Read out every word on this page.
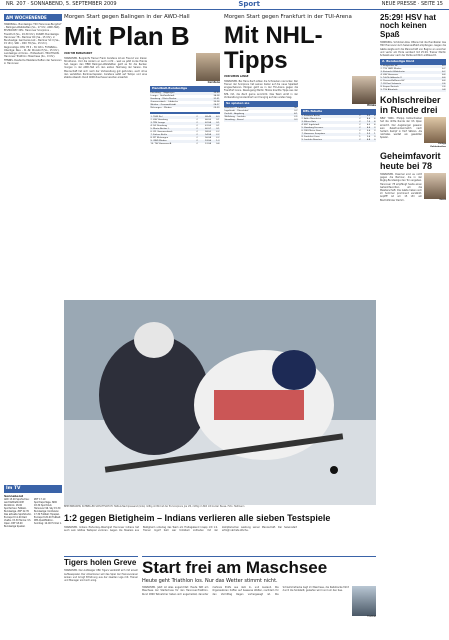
NR. 207 · SONNABEND, 5. SEPTEMBER 2009	Sport	NEUE PRESSE · SEITE 15
AM WOCHENENDE
HANDBALL. Bundesliga: TSV Hannover-Burgdorf – Balingen-Weilstetten (So., 17 Uhr, AWD-Hall). EISHOCKEY. DEL: Hannover Scorpions – Frankfurt (So., 19.30 Uhr). RUGBY. Bundesliga: Hannover 78 – Berliner RC (Sa., 15 Uhr). 2. Bundesliga: Germania List – Berliner SC II (Sa., 15 Uhr). SRC – DSV 78 (Sa., 15 Uhr). Regionalliga: DSV 78 II – SV Odin. FUSSBALL. Oberliga: Neu. – Kl.-Nr. Wunstorf (So., 15 Uhr). Landesliga: Arminia – Hildesheim. TRIATHLON. Hannover Triathlon: Maschsee (So., 9 Uhr). TENNIS. Deutsche Meisterschaften der Senioren in Hannover.
Im TV
Sonnabend
ARD 15.00 Sportschau: Leichtathletik-WM Rückblick. 18.00 Sportschau: Fußball-Bundesliga. ZDF 22.35 Das aktuelle Sportstudio. Eurosport 11.00 Rad: Vuelta. 15.30 Tennis: US Open. DSF 18.00 Bundesliga Spezial.
ZDF 17.10 Sportreportage. NDR 18.30 Sportclub: Hannover 96. Sky 15.30 Bundesliga: Konferenz. 17.30 Fußball: Topspiel. Eurosport 20.00 Fußball: WM-Qualifikation. Sonntag: 12.00 Formel 1.
Morgen Start gegen Balingen in der AWD-Hall
Mit Plan B
VON TIM BURGHARDT
HANNOVER. Burgdorfs Trainer Frank Carstens ist ein Freund von klaren Strukturen. Und die ändern er auch nicht – weil es jetzt kurze Hände hat. Gegen den HBW Balingen-Weilstetten geht es für die Recken morgen in der AWD-Hall um den ersten Heimsieg der Saison. Die Mannschaft hat sich nach der Vorbereitung gut gefunden, auch ohne den verletzten Rückraumspieler. Carstens setzt auf Tempo und eine stabile Abwehr. Rund 4000 Zuschauer werden erwartet.
Carstens
Handball-Bundesliga
Flensburg – Göppingen	33:30
Lemgo – Großwallstadt	34:28
Hamburg – Rhein-Neckar	31:31
Gummersbach – Lübbecke	30:24
Wetzlar – Grosswallstadt	26:27
Melsungen – Minden	29:29
1. THW Kiel	2	68:49	4:0
2. HSV Hamburg	2	66:55	3:1
3. TBV Lemgo	2	62:54	3:1
4. SG Flensburg	2	61:55	3:1
5. Rhein-Neckar L.	2	60:57	3:1
6. VfL Gummersbach	2	58:52	2:2
7. Füchse Berlin	2	54:54	2:2
8. MT Melsungen	2	56:58	2:2
9. GWD Minden	2	53:56	1:3
10. TSV Hannover-B.	2	51:58	0:4
Morgen Start gegen Frankfurt in der TUI-Arena
Mit NHL-Tipps
VON SIMON LANGE
HANNOVER. Bei Hans Zach sitzen die Schrauben nie locker. Der Trainer der Scorpions hat seinen Kader auf die neue Spielzeit eingeschworen. Morgen geht es in der TUI-Arena gegen die Frankfurt Lions. Neuzugang Martin Hlinka brachte Tipps aus der NHL mit, die Zach gerne annimmt. Das Team wirkt in der Vorbereitung konzentriert und hungrig auf den ersten Sieg.
So spielen sie
Hannover – Frankfurt	Sa.
Ingolstadt – Düsseldorf	3:2
Krefeld – Augsburg	4:1
Wolfsburg – Iserlohn	2:5
Straubing – Kassel	3:3
Hlinka
DEL-Tabelle
1. Eisbären Berlin	2	9:3	6
2. Adler Mannheim	2	8:4	6
3. Kölner Haie	2	7:5	4
4. ERC Ingolstadt	2	6:5	4
5. Hamburg Freezers	2	6:6	3
6. DEG Metro Stars	2	5:6	3
7. Hannover Scorpions	1	3:3	1
8. Frankfurt Lions	1	2:4	0
9. Iserlohn Roosters	2	4:8	0
BEIM BREAKEN, SCHNELLER SCHLITTSCHUH: Hattuls Nachpressend (links) mittig im Bild ist der Ex-Scorpions Joe Vill, mittig im Bild mit kurzer Pause. Foto: Heitmann
1:2 gegen Bietigheim – Indians verlieren alle sieben Testspiele
HANNOVER. Indians Eishockey-Oberligist Hannover Indians hat auch sein letztes Testspiel verloren. Gegen die Steelers aus Bietigheim unterlag das Team am Freitagabend knapp mit 1:2. Trainer Ingolf Sehl war trotzdem zufrieden mit der kämpferischen Leistung seiner Mannschaft. Der Saisonstart erfolgt nächste Woche.
Tigers holen Greve
HANNOVER. Der Aufsteiger UBC Tigers verstärkt sich mit einem Aufbauspieler. Der Amerikaner soll das Spiel der Hannoveraner lenken und bringt Erfahrung aus der zweiten Liga mit. Trainer und Manager sind sich einig.
Start frei am Maschsee
Heute geht Triathlon los. Nur das Wetter stimmt nicht.
HANNOVER. Jetzt ist alles angerichtet: Heute fällt am Maschsee der Startschuss für den Hannover-Triathlon. Rund 1800 Teilnehmer haben sich angemeldet, darunter mehrere Profis aus dem In- und Ausland. Die Organisatoren hoffen auf besseres Wetter, nachdem für den Vormittag Regen vorhergesagt ist. Die Schwimmstrecke liegt im Maschsee, die Radstrecke führt durch die Südstadt, gelaufen wird rund um den See.
Triathlet
25:29! HSV hat noch keinen Spaß
HAMBURG. Schöckel Aksu Ottens hat die Handballer des HSV Hannover zum Saisonauftakt empfangen. Gegen die Gäste zeigte sich die Mannschaft von Beginn an unsicher und verlor am Ende verdient mit 25:29. Trainer Martin Schwalb war nach der Partie sichtlich enttäuscht.
2. Bundesliga Nord
1. Bergischer HC	8:0
2. TSV GWD Minden	6:2
3. Eintracht Hildesheim	6:2
4. HSV Hannover	4:4
5. TuS N-Lübbecke II	4:4
6. Dessau-Roßlauer HV	4:4
7. SV Post Schwerin	2:6
8. Empor Rostock	2:6
9. TSV Altenholz	0:8
Kohlschreiber in Runde drei
NEW YORK. Philipp Kohlschreiber hat die dritte Runde der US Open erreicht. Der Augsburger gewann sein Zweitrundenmatch nach hartem Kampf in fünf Sätzen. Als nächstes wartet ein gesetzter Spieler.
Philipp Kohlschreiber
Geheimfavorit heute bei 78
HANNOVER. Diesmal sind es nicht gegen die Berliner, die in der Rugby-Bundesliga den Ton angeben. Hannover 78 empfängt heute einen Geheimfavoriten um die Meisterschaft. Die Gäste haben sich im Sommer prominent verstärkt. Anpfiff ist um 15 Uhr am Bischofsholer Damm.	Gerrit
